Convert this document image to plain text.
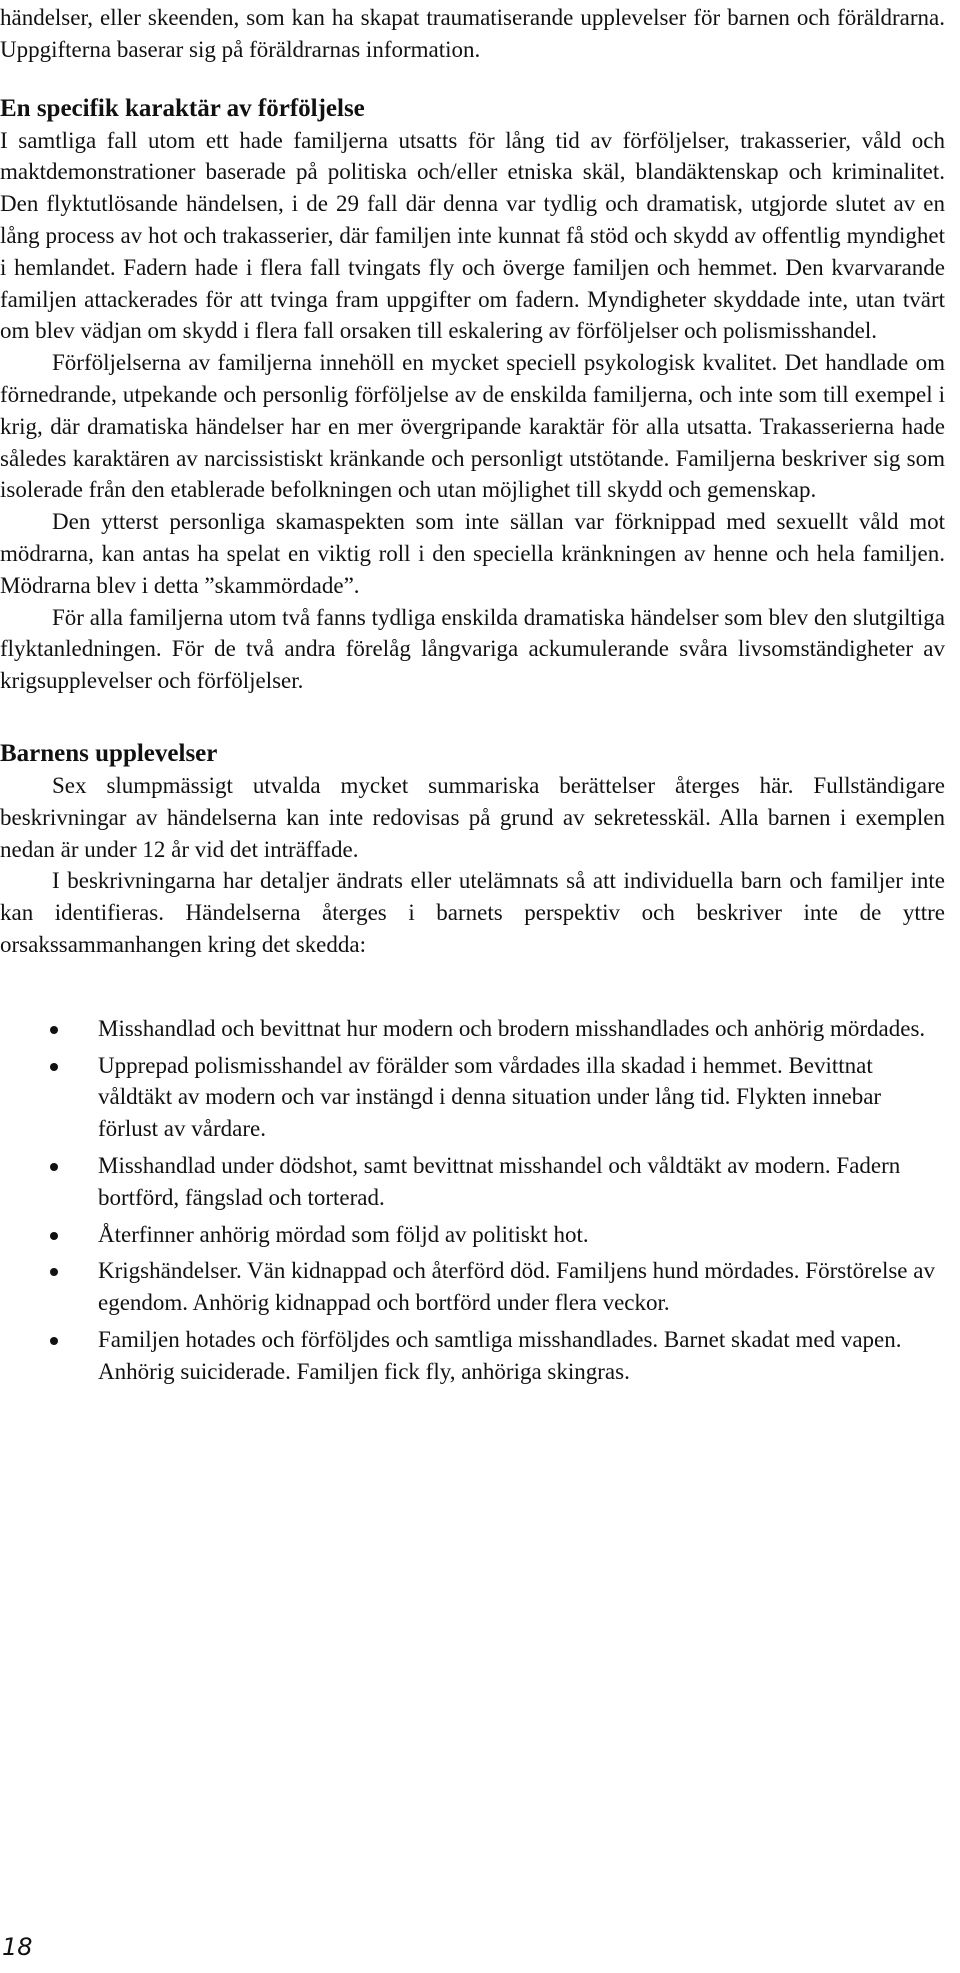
händelser, eller skeenden, som kan ha skapat traumatiserande upplevelser för barnen och föräldrarna. Uppgifterna baserar sig på föräldrarnas information.

En specifik karaktär av förföljelse

I samtliga fall utom ett hade familjerna utsatts för lång tid av förföljelser, trakasserier, våld och maktdemonstrationer baserade på politiska och/eller etniska skäl, blandäktenskap och kriminalitet. Den flyktutlösande händelsen, i de 29 fall där denna var tydlig och dramatisk, utgjorde slutet av en lång process av hot och trakasserier, där familjen inte kunnat få stöd och skydd av offentlig myndighet i hemlandet. Fadern hade i flera fall tvingats fly och överge familjen och hemmet. Den kvarvarande familjen attackerades för att tvinga fram uppgifter om fadern. Myndigheter skyddade inte, utan tvärt om blev vädjan om skydd i flera fall orsaken till eskalering av förföljelser och polismisshandel.

Förföljelserna av familjerna innehöll en mycket speciell psykologisk kvalitet. Det handlade om förnedrande, utpekande och personlig förföljelse av de enskilda familjerna, och inte som till exempel i krig, där dramatiska händelser har en mer övergripande karaktär för alla utsatta. Trakasserierna hade således karaktären av narcissistiskt kränkande och personligt utstötande. Familjerna beskriver sig som isolerade från den etablerade befolkningen och utan möjlighet till skydd och gemenskap.

Den ytterst personliga skamaspekten som inte sällan var förknippad med sexuellt våld mot mödrarna, kan antas ha spelat en viktig roll i den speciella kränkningen av henne och hela familjen. Mödrarna blev i detta ”skammördade”.

För alla familjerna utom två fanns tydliga enskilda dramatiska händelser som blev den slutgiltiga flyktanledningen. För de två andra förelåg långvariga ackumulerande svåra livsomständigheter av krigsupplevelser och förföljelser.

Barnens upplevelser

Sex slumpmässigt utvalda mycket summariska berättelser återges här. Fullständigare beskrivningar av händelserna kan inte redovisas på grund av sekretesskäl. Alla barnen i exemplen nedan är under 12 år vid det inträffade.

I beskrivningarna har detaljer ändrats eller utelämnats så att individuella barn och familjer inte kan identifieras. Händelserna återges i barnets perspektiv och beskriver inte de yttre orsakssammanhangen kring det skedda:

Misshandlad och bevittnat hur modern och brodern misshandlades och anhörig mördades.
Upprepad polismisshandel av förälder som vårdades illa skadad i hemmet. Bevittnat våldtäkt av modern och var instängd i denna situation under lång tid. Flykten innebar förlust av vårdare.
Misshandlad under dödshot, samt bevittnat misshandel och våldtäkt av modern. Fadern bortförd, fängslad och torterad.
Återfinner anhörig mördad som följd av politiskt hot.
Krigshändelser. Vän kidnappad och återförd död. Familjens hund mördades. Förstörelse av egendom. Anhörig kidnappad och bortförd under flera veckor.
Familjen hotades och förföljdes och samtliga misshandlades. Barnet skadat med vapen. Anhörig suiciderade. Familjen fick fly, anhöriga skingras.
18
